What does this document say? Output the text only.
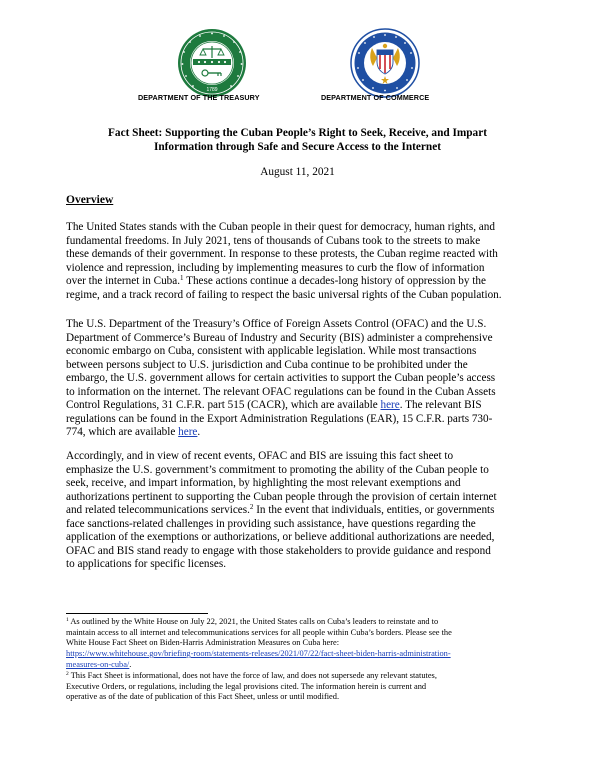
1789
DEPARTMENT OF THE TREASURY	DEPARTMENT OF COMMERCE
Fact Sheet: Supporting the Cuban People’s Right to Seek, Receive, and Impart
Information through Safe and Secure Access to the Internet
August 11, 2021
Overview
The United States stands with the Cuban people in their quest for democracy, human rights, and
fundamental freedoms. In July 2021, tens of thousands of Cubans took to the streets to make
these demands of their government. In response to these protests, the Cuban regime reacted with
violence and repression, including by implementing measures to curb the flow of information
over the internet in Cuba.$^1$ These actions continue a decades-long history of oppression by the
regime, and a track record of failing to respect the basic universal rights of the Cuban population.
The U.S. Department of the Treasury’s Office of Foreign Assets Control (OFAC) and the U.S.
Department of Commerce’s Bureau of Industry and Security (BIS) administer a comprehensive
economic embargo on Cuba, consistent with applicable legislation. While most transactions
between persons subject to U.S. jurisdiction and Cuba continue to be prohibited under the
embargo, the U.S. government allows for certain activities to support the Cuban people’s access
to information on the internet. The relevant OFAC regulations can be found in the Cuban Assets
Control Regulations, 31 C.F.R. part 515 (CACR), which are available here. The relevant BIS
regulations can be found in the Export Administration Regulations (EAR), 15 C.F.R. parts 730-
774, which are available here.
Accordingly, and in view of recent events, OFAC and BIS are issuing this fact sheet to
emphasize the U.S. government’s commitment to promoting the ability of the Cuban people to
seek, receive, and impart information, by highlighting the most relevant exemptions and
authorizations pertinent to supporting the Cuban people through the provision of certain internet
and related telecommunications services.$^2$ In the event that individuals, entities, or governments
face sanctions-related challenges in providing such assistance, have questions regarding the
application of the exemptions or authorizations, or believe additional authorizations are needed,
OFAC and BIS stand ready to engage with those stakeholders to provide guidance and respond
to applications for specific licenses.
$^1$ As outlined by the White House on July 22, 2021, the United States calls on Cuba’s leaders to reinstate and to
maintain access to all internet and telecommunications services for all people within Cuba’s borders. Please see the
White House Fact Sheet on Biden-Harris Administration Measures on Cuba here:
https://www.whitehouse.gov/briefing-room/statements-releases/2021/07/22/fact-sheet-biden-harris-administration-
measures-on-cuba/.
$^2$ This Fact Sheet is informational, does not have the force of law, and does not supersede any relevant statutes,
Executive Orders, or regulations, including the legal provisions cited. The information herein is current and
operative as of the date of publication of this Fact Sheet, unless or until modified.
